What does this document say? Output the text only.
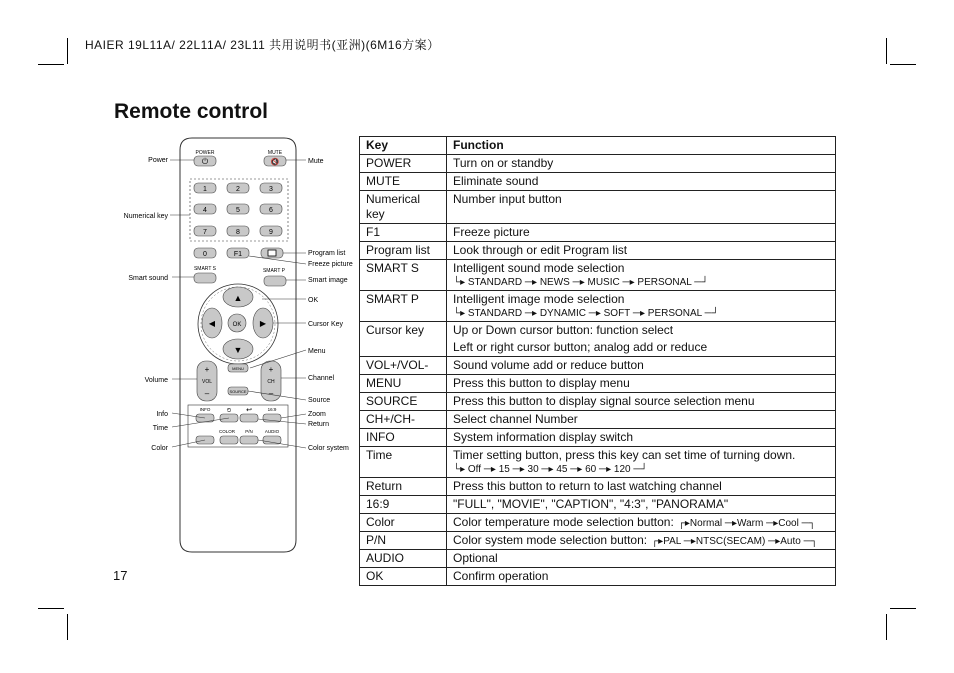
HAIER 19L11A/ 22L11A/ 23L11 共用说明书(亚洲)(6M16方案）
Remote control
17
POWER	MUTE
⏻	🔇
1	2	3
4	5	6
7	8	9
0	F1
SMART S	SMART P
▲
▼
◀	▶
OK
+
VOL
–
+
CH
–
MENU
SOURCE
INFO	⏲ ↩	16:9
COLOR P/N	AUDIO
Power
Numerical key
Smart sound
Volume
Info
Time
Color
Mute
Program list
Freeze picture
Smart image
OK
Cursor Key
Menu
Channel
Source
Zoom
Return
Color system
Key	Function
POWER	Turn on or standby

MUTE	Eliminate sound

Numerical key	Number input button

F1	Freeze picture

Program list	Look through or edit Program list

SMART S	Intelligent sound mode selection
└▸ STANDARD ─▸ NEWS ─▸ MUSIC ─▸ PERSONAL ─┘

SMART P	Intelligent image mode selection
└▸ STANDARD ─▸ DYNAMIC ─▸ SOFT ─▸ PERSONAL ─┘

Cursor key	Up or Down cursor button: function select
Left or right cursor button; analog add or reduce

VOL+/VOL-	Sound volume add or reduce button

MENU	Press this button to display menu

SOURCE	Press this button to display signal source selection menu

CH+/CH-	Select channel Number

INFO	System information display switch

Time	Timer setting button, press this key can set time of turning down.
└▸ Off ─▸ 15 ─▸ 30 ─▸ 45 ─▸ 60 ─▸ 120 ─┘

Return	Press this button to return to last watching channel

16:9	"FULL", "MOVIE", "CAPTION", "4:3", "PANORAMA"

Color	Color temperature mode selection button: ┌▸Normal ─▸Warm ─▸Cool ─┐

P/N	Color system mode selection button: ┌▸PAL ─▸NTSC(SECAM) ─▸Auto ─┐

AUDIO	Optional

OK	Confirm operation
